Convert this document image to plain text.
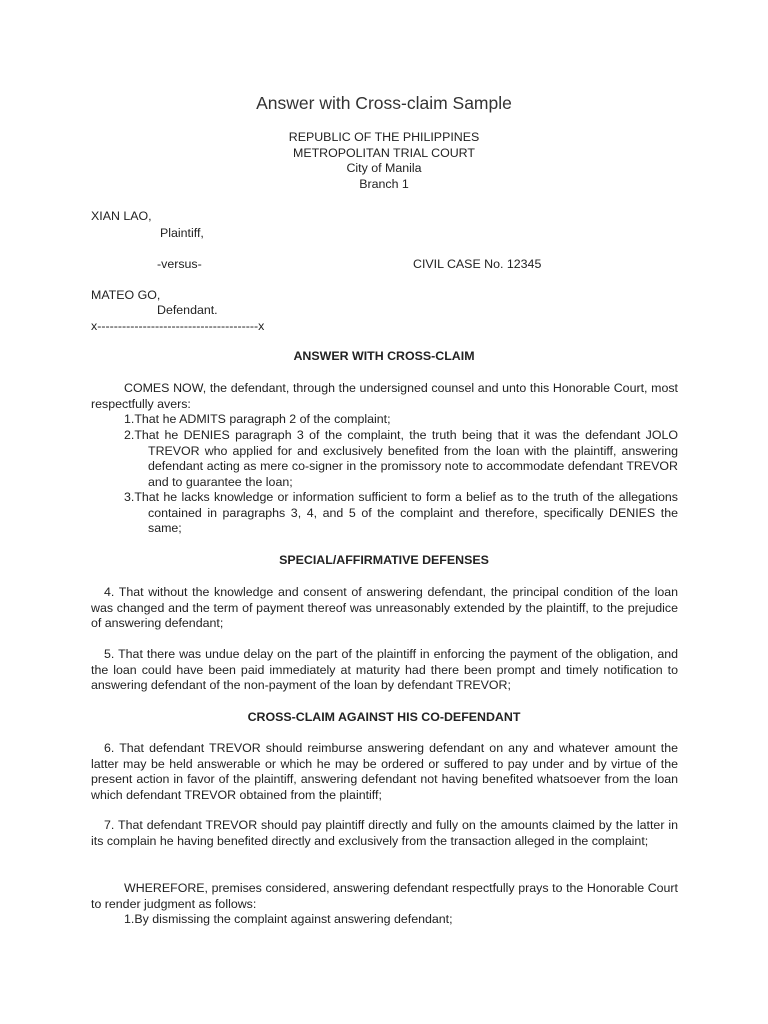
Answer with Cross-claim Sample
REPUBLIC OF THE PHILIPPINES
METROPOLITAN TRIAL COURT
City of Manila
Branch 1
XIAN LAO,
Plaintiff,
-versus-	CIVIL CASE No. 12345
MATEO GO,
Defendant.
x---------------------------------------x
ANSWER WITH CROSS-CLAIM
COMES NOW, the defendant, through the undersigned counsel and unto this Honorable Court, most respectfully avers:
1.That he ADMITS paragraph 2 of the complaint;
2.That he DENIES paragraph 3 of the complaint, the truth being that it was the defendant JOLO TREVOR who applied for and exclusively benefited from the loan with the plaintiff, answering defendant acting as mere co-signer in the promissory note to accommodate defendant TREVOR and to guarantee the loan;
3.That he lacks knowledge or information sufficient to form a belief as to the truth of the allegations contained in paragraphs 3, 4, and 5 of the complaint and therefore, specifically DENIES the same;
SPECIAL/AFFIRMATIVE DEFENSES
4. That without the knowledge and consent of answering defendant, the principal condition of the loan was changed and the term of payment thereof was unreasonably extended by the plaintiff, to the prejudice of answering defendant;
5. That there was undue delay on the part of the plaintiff in enforcing the payment of the obligation, and the loan could have been paid immediately at maturity had there been prompt and timely notification to answering defendant of the non-payment of the loan by defendant TREVOR;
CROSS-CLAIM AGAINST HIS CO-DEFENDANT
6. That defendant TREVOR should reimburse answering defendant on any and whatever amount the latter may be held answerable or which he may be ordered or suffered to pay under and by virtue of the present action in favor of the plaintiff, answering defendant not having benefited whatsoever from the loan which defendant TREVOR obtained from the plaintiff;
7. That defendant TREVOR should pay plaintiff directly and fully on the amounts claimed by the latter in its complain he having benefited directly and exclusively from the transaction alleged in the complaint;
WHEREFORE, premises considered, answering defendant respectfully prays to the Honorable Court to render judgment as follows:
1.By dismissing the complaint against answering defendant;
